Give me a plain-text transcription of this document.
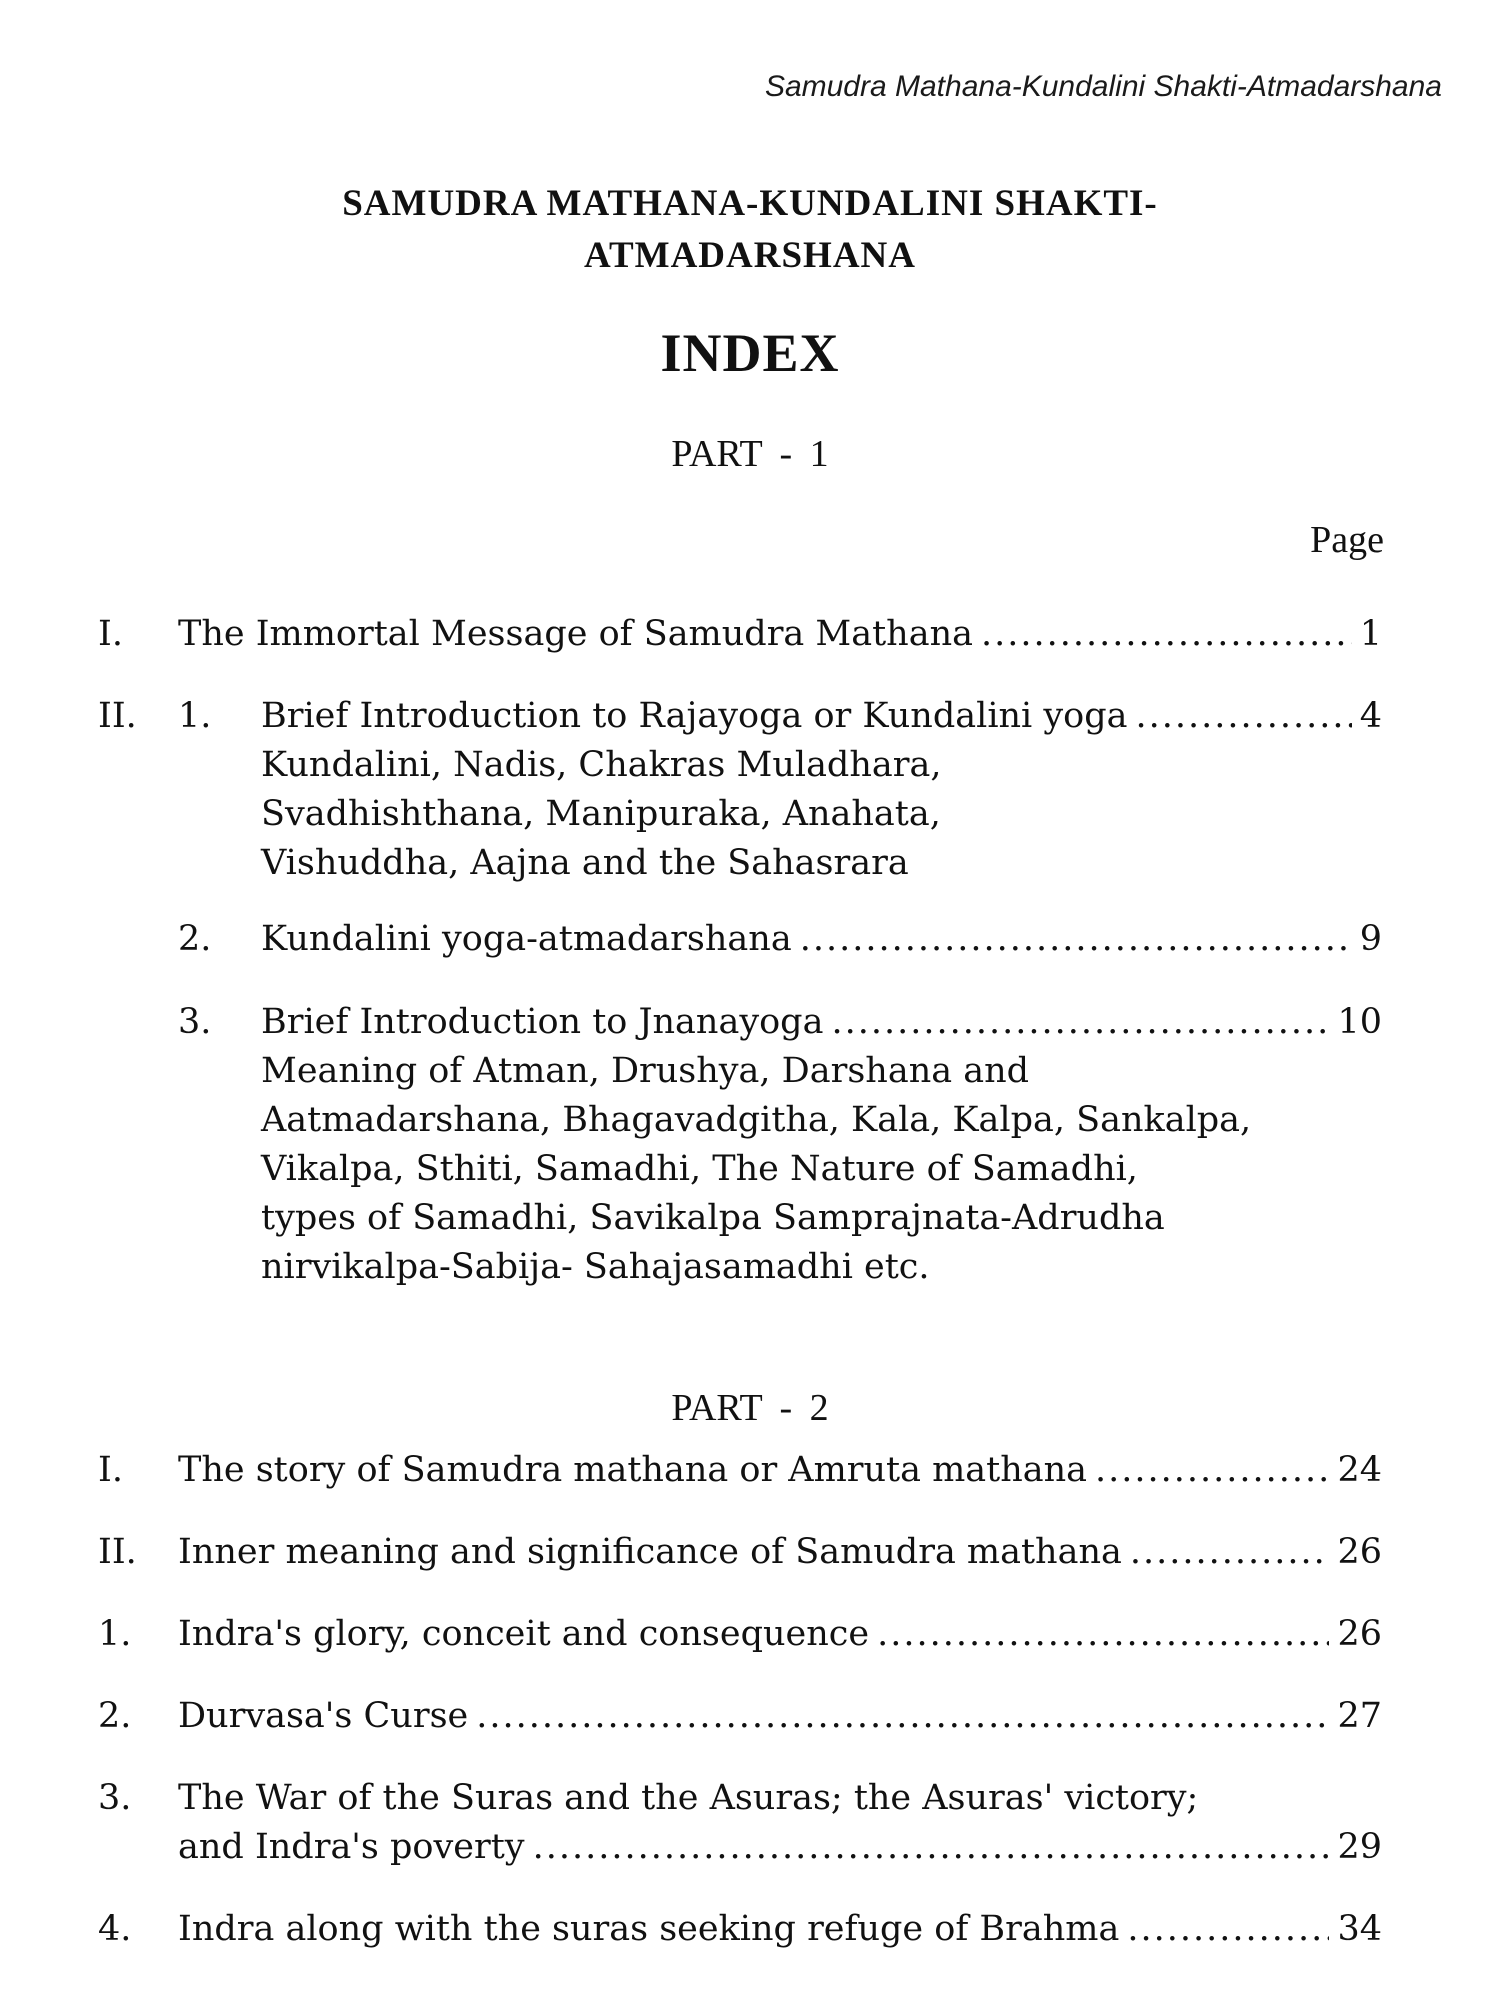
Samudra Mathana-Kundalini Shakti-Atmadarshana
SAMUDRA MATHANA-KUNDALINI SHAKTI-
ATMADARSHANA
INDEX
PART - 1
Page
I. The Immortal Message of Samudra Mathana .....	1
II. 1. Brief Introduction to Rajayoga or Kundalini yoga .....	4
Kundalini, Nadis, Chakras Muladhara,
Svadhishthana, Manipuraka, Anahata,
Vishuddha, Aajna and the Sahasrara
2. Kundalini yoga-atmadarshana .....	9
3. Brief Introduction to Jnanayoga .....	10
Meaning of Atman, Drushya, Darshana and
Aatmadarshana, Bhagavadgitha, Kala, Kalpa, Sankalpa,
Vikalpa, Sthiti, Samadhi, The Nature of Samadhi,
types of Samadhi, Savikalpa Samprajnata-Adrudha
nirvikalpa-Sabija- Sahajasamadhi etc.
PART - 2
I. The story of Samudra mathana or Amruta mathana .....	24
II. Inner meaning and significance of Samudra mathana .....	26
1. Indra's glory, conceit and consequence .....	26
2. Durvasa's Curse .....	27
3. The War of the Suras and the Asuras; the Asuras' victory;
and Indra's poverty .....	29
4. Indra along with the suras seeking refuge of Brahma .....	34
